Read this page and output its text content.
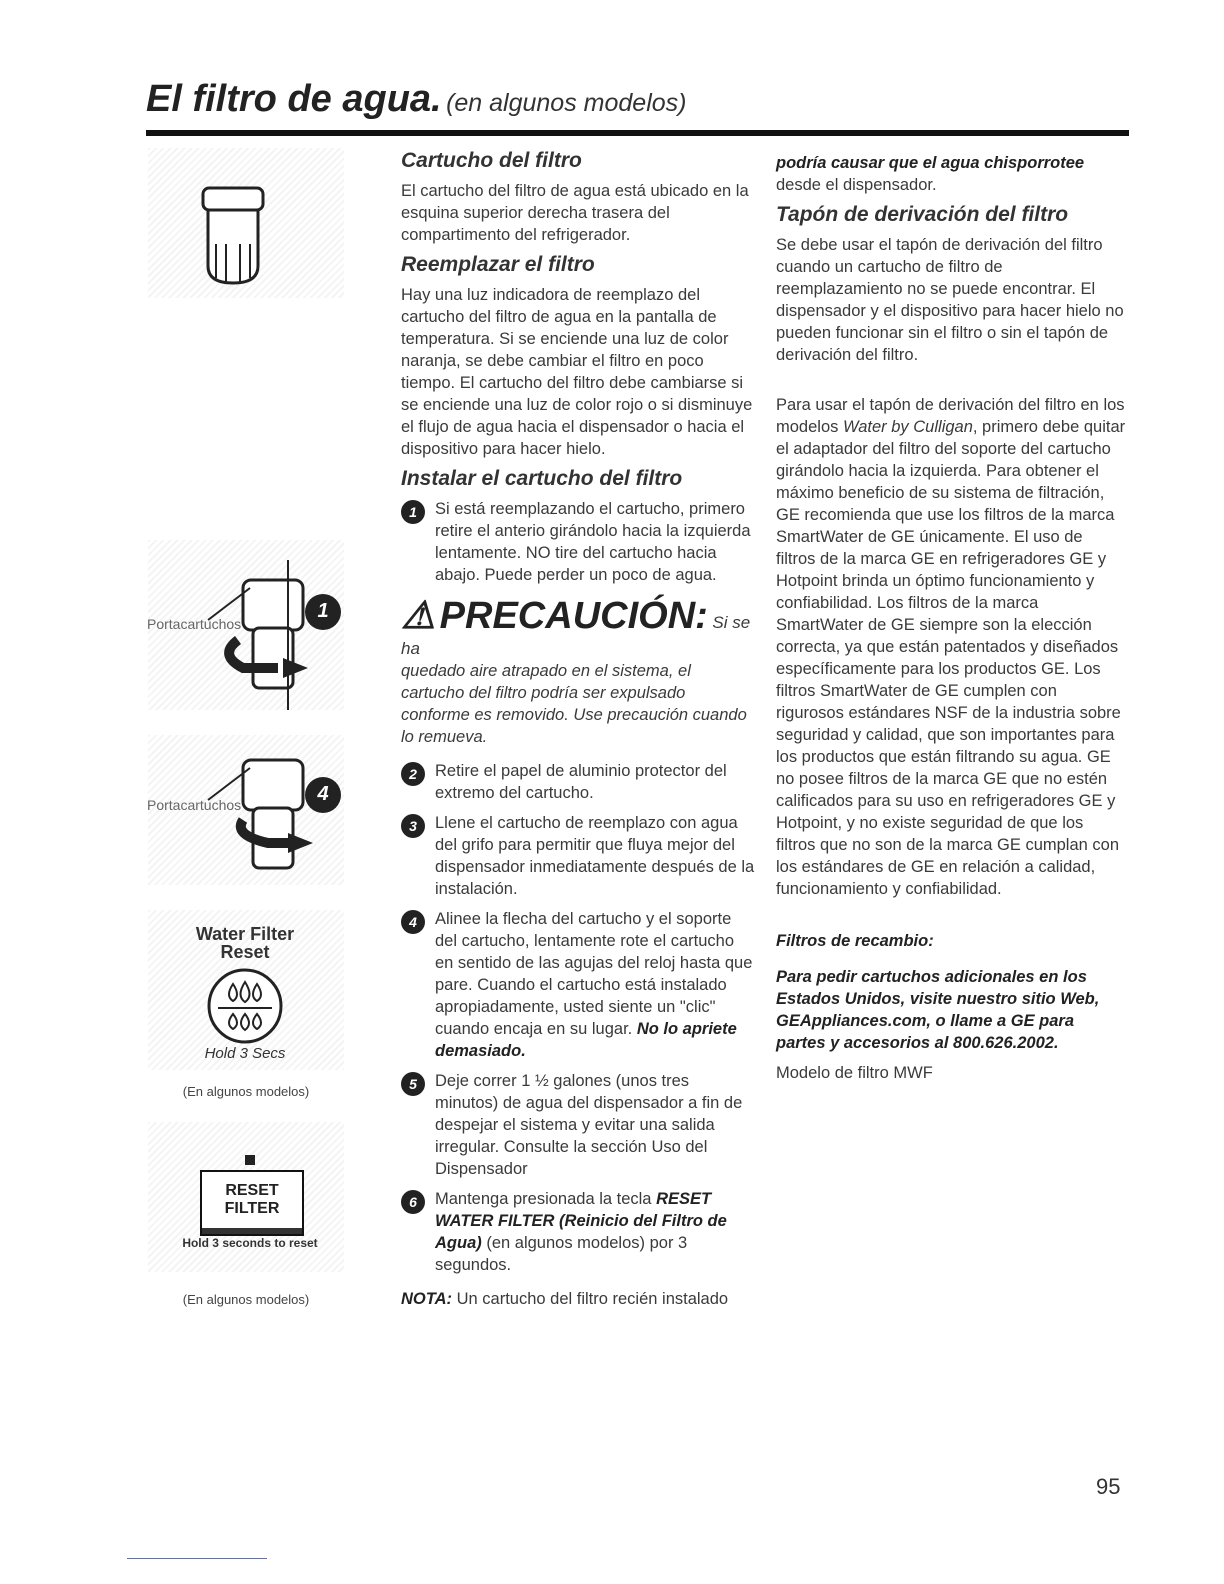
El filtro de agua. (en algunos modelos)
Portacartuchos
1
Portacartuchos	4
Water Filter
Reset
Hold 3 Secs
(En algunos modelos)
RESET
FILTER
Hold 3 seconds to reset
(En algunos modelos)
Cartucho del filtro

El cartucho del filtro de agua está ubicado en la esquina superior derecha trasera del compartimento del refrigerador.

Reemplazar el filtro

Hay una luz indicadora de reemplazo del cartucho del filtro de agua en la pantalla de temperatura. Si se enciende una luz de color naranja, se debe cambiar el filtro en poco tiempo. El cartucho del filtro debe cambiarse si se enciende una luz de color rojo o si disminuye el flujo de agua hacia el dispensador o hacia el dispositivo para hacer hielo.

Instalar el cartucho del filtro
1	Si está reemplazando el cartucho, primero retire el anterio girándolo hacia la izquierda lentamente. NO tire del cartucho hacia abajo. Puede perder un poco de agua.
⚠ PRECAUCIÓN: Si se ha
quedado aire atrapado en el sistema, el cartucho del filtro podría ser expulsado conforme es removido. Use precaución cuando lo remueva.
2	Retire el papel de aluminio protector del extremo del cartucho.
3	Llene el cartucho de reemplazo con agua del grifo para permitir que fluya mejor del dispensador inmediatamente después de la instalación.
4	Alinee la flecha del cartucho y el soporte del cartucho, lentamente rote el cartucho en sentido de las agujas del reloj hasta que pare. Cuando el cartucho está instalado apropiadamente, usted siente un "clic" cuando encaja en su lugar. No lo apriete demasiado.
5	Deje correr 1 ½ galones (unos tres minutos) de agua del dispensador a fin de despejar el sistema y evitar una salida irregular. Consulte la sección Uso del Dispensador
6	Mantenga presionada la tecla RESET WATER FILTER (Reinicio del Filtro de Agua) (en algunos modelos) por 3 segundos.

NOTA: Un cartucho del filtro recién instalado

podría causar que el agua chisporrotee

desde el dispensador.

Tapón de derivación del filtro

Se debe usar el tapón de derivación del filtro cuando un cartucho de filtro de reemplazamiento no se puede encontrar. El dispensador y el dispositivo para hacer hielo no pueden funcionar sin el filtro o sin el tapón de derivación del filtro.

Para usar el tapón de derivación del filtro en los modelos Water by Culligan, primero debe quitar el adaptador del filtro del soporte del cartucho girándolo hacia la izquierda. Para obtener el máximo beneficio de su sistema de filtración, GE recomienda que use los filtros de la marca SmartWater de GE únicamente. El uso de filtros de la marca GE en refrigeradores GE y Hotpoint brinda un óptimo funcionamiento y confiabilidad. Los filtros de la marca SmartWater de GE siempre son la elección correcta, ya que están patentados y diseñados específicamente para los productos GE. Los filtros SmartWater de GE cumplen con rigurosos estándares NSF de la industria sobre seguridad y calidad, que son importantes para los productos que están filtrando su agua. GE no posee filtros de la marca GE que no estén calificados para su uso en refrigeradores GE y Hotpoint, y no existe seguridad de que los filtros que no son de la marca GE cumplan con los estándares de GE en relación a calidad, funcionamiento y confiabilidad.

Filtros de recambio:

Para pedir cartuchos adicionales en los Estados Unidos, visite nuestro sitio Web, GEAppliances.com, o llame a GE para partes y accesorios al 800.626.2002.

Modelo de filtro MWF

95
